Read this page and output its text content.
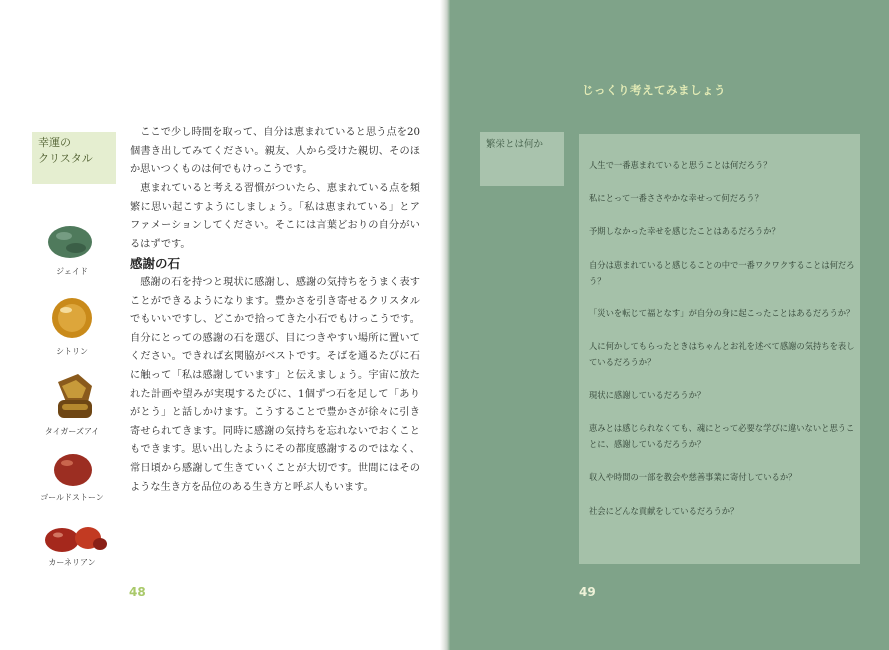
幸運の
クリスタル

ここで少し時間を取って、自分は恵まれていると思う点を20個書き出してみてください。親友、人から受けた親切、そのほか思いつくものは何でもけっこうです。

恵まれていると考える習慣がついたら、恵まれている点を頻繁に思い起こすようにしましょう。「私は恵まれている」とアファメーションしてください。そこには言葉どおりの自分がいるはずです。

感謝の石

感謝の石を持つと現状に感謝し、感謝の気持ちをうまく表すことができるようになります。豊かさを引き寄せるクリスタルでもいいですし、どこかで拾ってきた小石でもけっこうです。自分にとっての感謝の石を選び、目につきやすい場所に置いてください。できれば玄関脇がベストです。そばを通るたびに石に触って「私は感謝しています」と伝えましょう。宇宙に放たれた計画や望みが実現するたびに、1個ずつ石を足して「ありがとう」と話しかけます。こうすることで豊かさが徐々に引き寄せられてきます。同時に感謝の気持ちを忘れないでおくこともできます。思い出したようにその都度感謝するのではなく、常日頃から感謝して生きていくことが大切です。世間にはそのような生き方を品位のある生き方と呼ぶ人もいます。

ジェイド
シトリン
タイガーズアイ
ゴールドストーン
カーネリアン
48
じっくり考えてみましょう
繁栄とは何か

人生で一番恵まれていると思うことは何だろう？

私にとって一番ささやかな幸せって何だろう？

予期しなかった幸せを感じたことはあるだろうか？

自分は恵まれていると感じることの中で一番ワクワクすることは何だろう？

「災いを転じて福となす」が自分の身に起こったことはあるだろうか？

人に何かしてもらったときはちゃんとお礼を述べて感謝の気持ちを表しているだろうか？

現状に感謝しているだろうか？

恵みとは感じられなくても、魂にとって必要な学びに違いないと思うことに、感謝しているだろうか？

収入や時間の一部を教会や慈善事業に寄付しているか？

社会にどんな貢献をしているだろうか？

49
